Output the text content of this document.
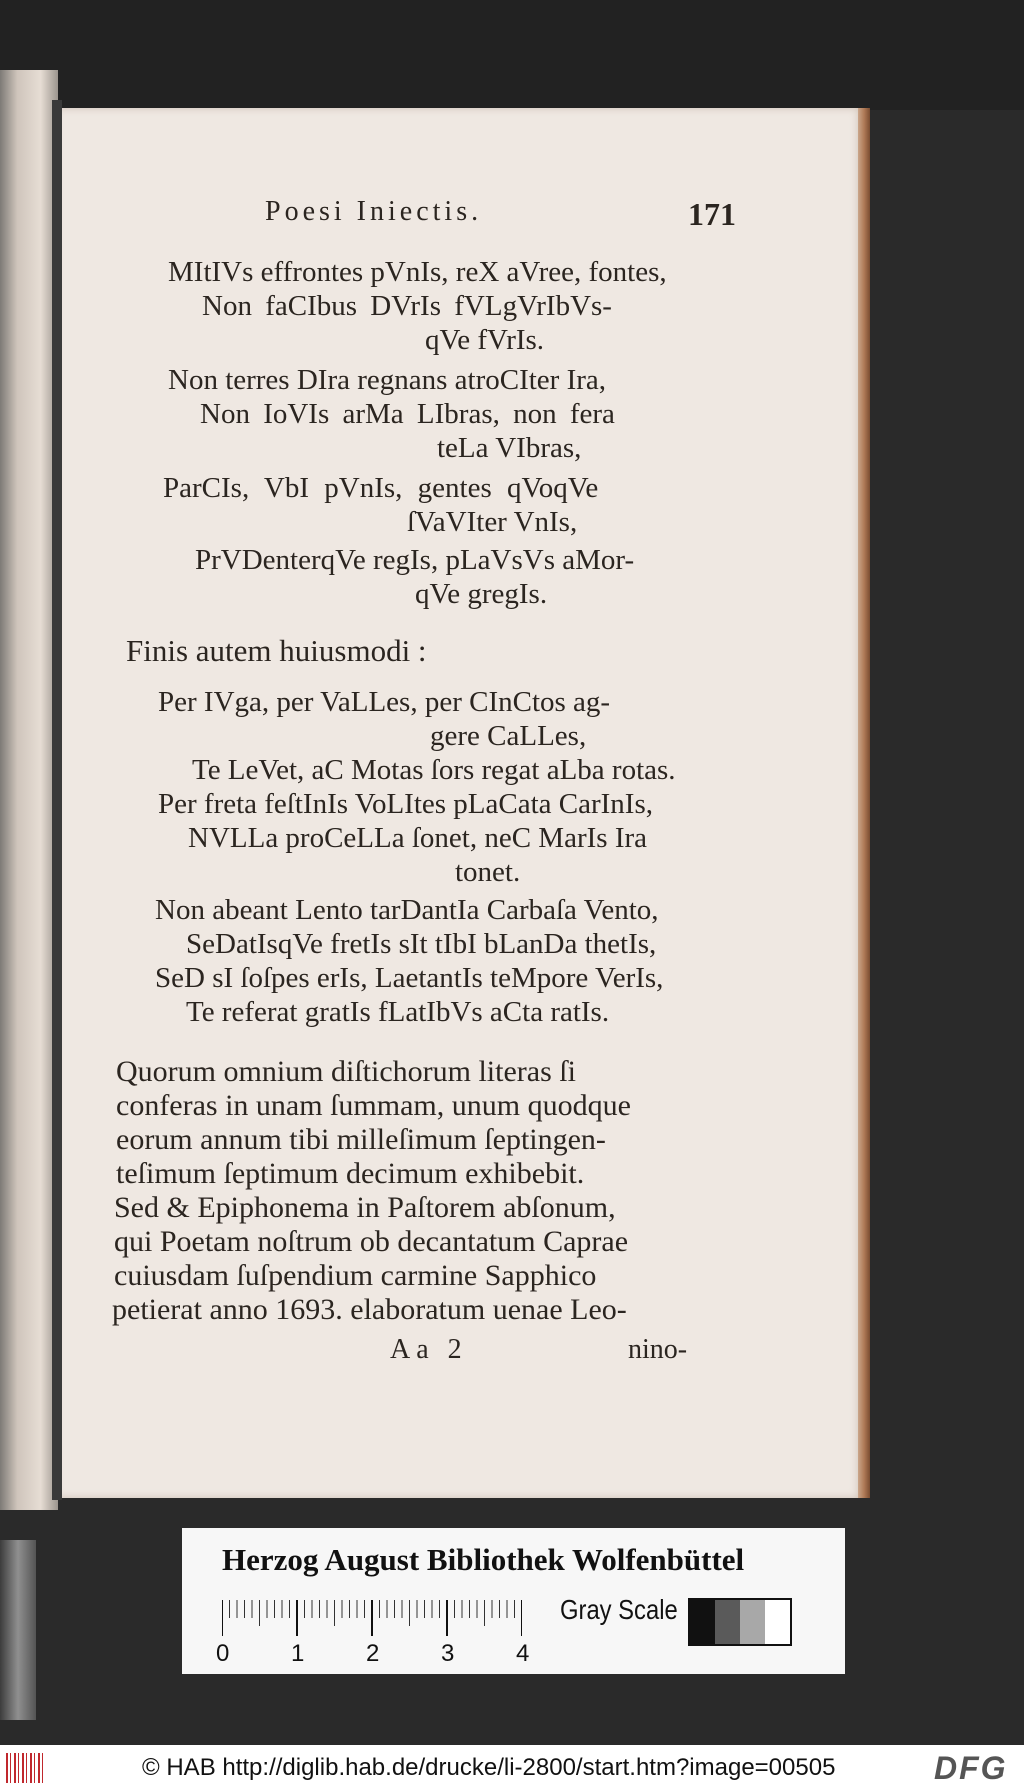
Poesi Iniectis.	171
MItIVs effrontes pVnIs, reX aVree, fontes,
Non faCIbus DVrIs fVLgVrIbVs-
qVe fVrIs.
Non terres DIra regnans atroCIter Ira,
Non IoVIs arMa LIbras, non fera
teLa VIbras,
ParCIs, VbI pVnIs, gentes qVoqVe
ſVaVIter VnIs,
PrVDenterqVe regIs, pLaVsVs aMor-
qVe gregIs.
Finis autem huiusmodi :
Per IVga, per VaLLes, per CInCtos ag-
gere CaLLes,
Te LeVet, aC Motas ſors regat aLba rotas.
Per freta feſtInIs VoLItes pLaCata CarInIs,
NVLLa proCeLLa ſonet, neC MarIs Ira
tonet.
Non abeant Lento tarDantIa Carbaſa Vento,
SeDatIsqVe fretIs sIt tIbI bLanDa thetIs,
SeD sI ſoſpes erIs, LaetantIs teMpore VerIs,
Te referat gratIs fLatIbVs aCta ratIs.
Quorum omnium diſtichorum literas ſi
conferas in unam ſummam, unum quodque
eorum annum tibi milleſimum ſeptingen-
teſimum ſeptimum decimum exhibebit.
Sed & Epiphonema in Paſtorem abſonum,
qui Poetam noſtrum ob decantatum Caprae
cuiusdam ſuſpendium carmine Sapphico
petierat anno 1693. elaboratum uenae Leo-
Aa 2	nino-
Herzog August Bibliothek Wolfenbüttel
0	1	2	3	4
Gray Scale
© HAB http://diglib.hab.de/drucke/li-2800/start.htm?image=00505	DFG
